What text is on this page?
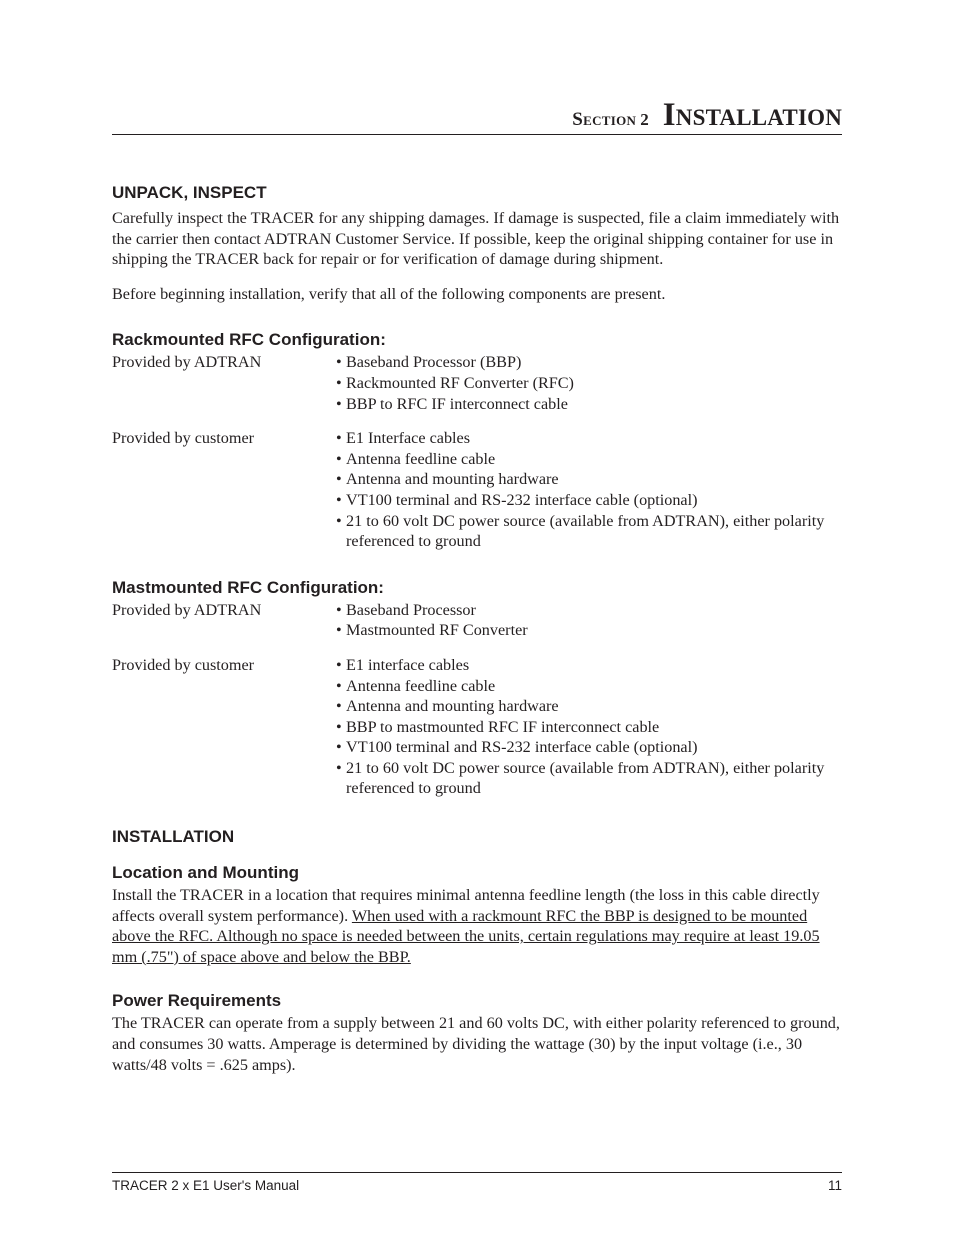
Section 2 Installation
UNPACK, INSPECT

Carefully inspect the TRACER for any shipping damages. If damage is suspected, file a claim immediately with the carrier then contact ADTRAN Customer Service. If possible, keep the original shipping container for use in shipping the TRACER back for repair or for verification of damage during shipment.

Before beginning installation, verify that all of the following components are present.

Rackmounted RFC Configuration:
Provided by ADTRAN	• Baseband Processor (BBP)
• Rackmounted RF Converter (RFC)
• BBP to RFC IF interconnect cable
Provided by customer	• E1 Interface cables
• Antenna feedline cable
• Antenna and mounting hardware
• VT100 terminal and RS-232 interface cable (optional)
• 21 to 60 volt DC power source (available from ADTRAN), either polarity referenced to ground
Mastmounted RFC Configuration:
Provided by ADTRAN	• Baseband Processor
• Mastmounted RF Converter
Provided by customer	• E1 interface cables
• Antenna feedline cable
• Antenna and mounting hardware
• BBP to mastmounted RFC IF interconnect cable
• VT100 terminal and RS-232 interface cable (optional)
• 21 to 60 volt DC power source (available from ADTRAN), either polarity referenced to ground
INSTALLATION
Location and Mounting

Install the TRACER in a location that requires minimal antenna feedline length (the loss in this cable directly affects overall system performance). When used with a rackmount RFC the BBP is designed to be mounted above the RFC. Although no space is needed between the units, certain regulations may require at least 19.05 mm (.75") of space above and below the BBP.

Power Requirements

The TRACER can operate from a supply between 21 and 60 volts DC, with either polarity referenced to ground, and consumes 30 watts. Amperage is determined by dividing the wattage (30) by the input voltage (i.e., 30 watts/48 volts = .625 amps).

TRACER 2 x E1 User's Manual	11
